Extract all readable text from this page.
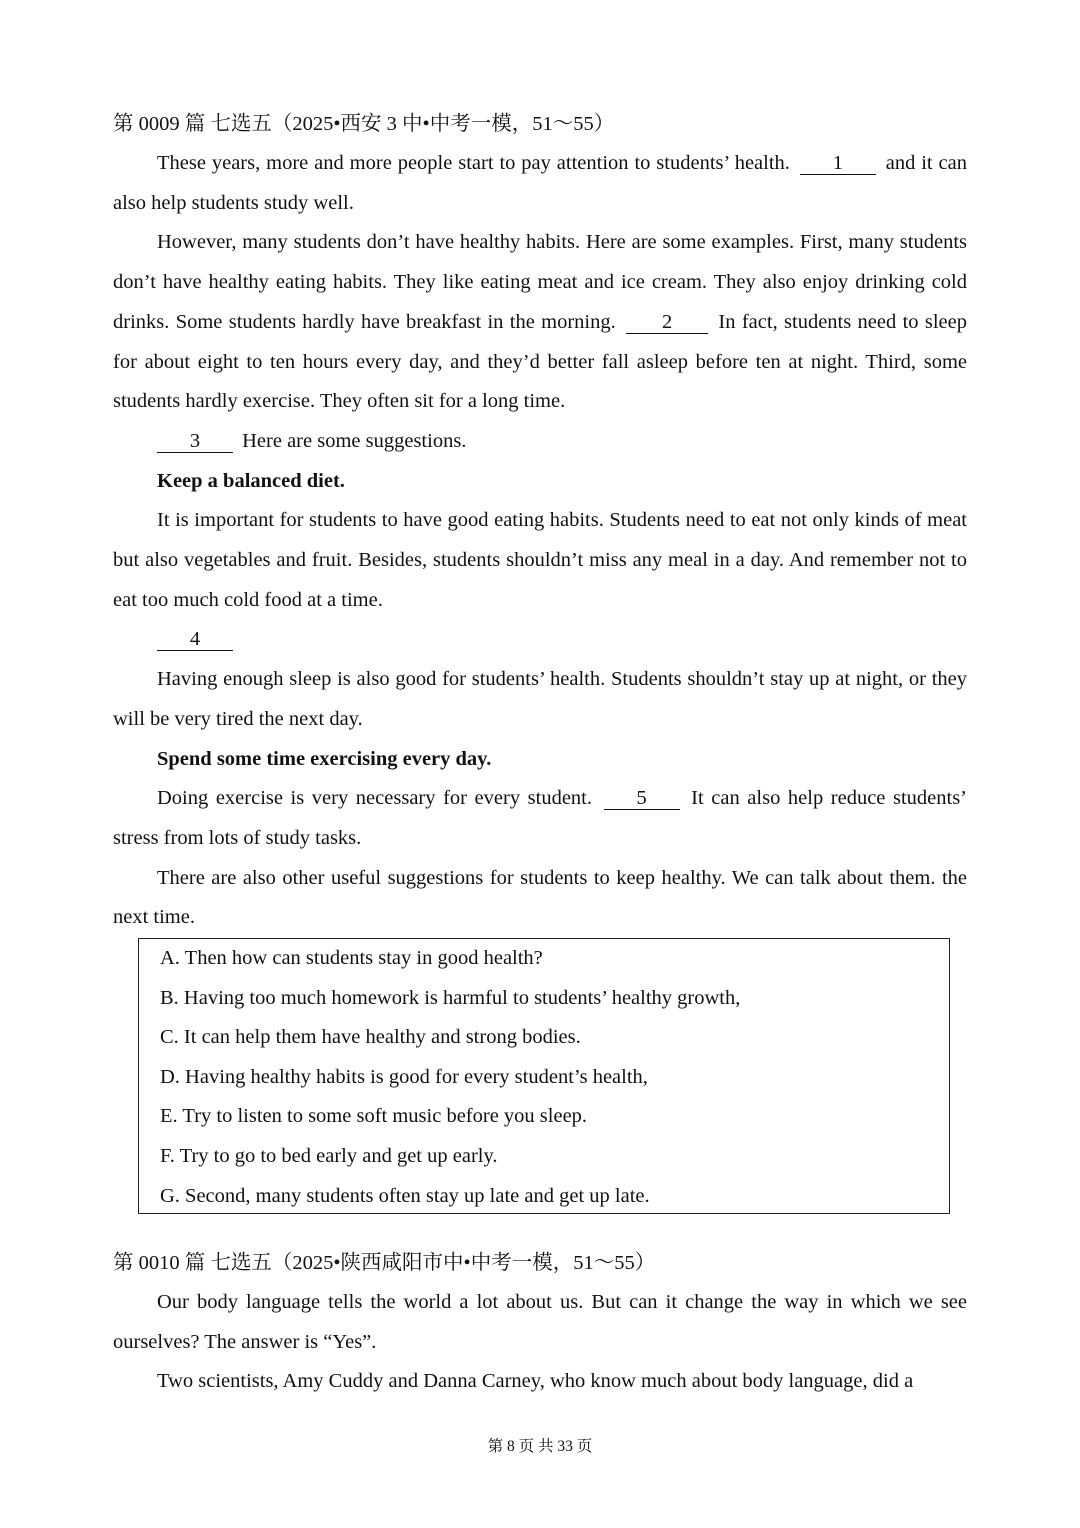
第 0009 篇 七选五（2025•西安 3 中•中考一模，51～55）

These years, more and more people start to pay attention to students’ health. 1 and it can also help students study well.

However, many students don’t have healthy habits. Here are some examples. First, many students don’t have healthy eating habits. They like eating meat and ice cream. They also enjoy drinking cold drinks. Some students hardly have breakfast in the morning. 2 In fact, students need to sleep for about eight to ten hours every day, and they’d better fall asleep before ten at night. Third, some students hardly exercise. They often sit for a long time.

3 Here are some suggestions.

Keep a balanced diet.

It is important for students to have good eating habits. Students need to eat not only kinds of meat but also vegetables and fruit. Besides, students shouldn’t miss any meal in a day. And remember not to eat too much cold food at a time.

4

Having enough sleep is also good for students’ health. Students shouldn’t stay up at night, or they will be very tired the next day.

Spend some time exercising every day.

Doing exercise is very necessary for every student. 5 It can also help reduce students’ stress from lots of study tasks.

There are also other useful suggestions for students to keep healthy. We can talk about them. the next time.

A. Then how can students stay in good health?
B. Having too much homework is harmful to students’ healthy growth,
C. It can help them have healthy and strong bodies.
D. Having healthy habits is good for every student’s health,
E. Try to listen to some soft music before you sleep.
F. Try to go to bed early and get up early.
G. Second, many students often stay up late and get up late.
第 0010 篇 七选五（2025•陕西咸阳市中•中考一模，51～55）

Our body language tells the world a lot about us. But can it change the way in which we see ourselves? The answer is “Yes”.

Two scientists, Amy Cuddy and Danna Carney, who know much about body language, did a

第 8 页 共 33 页
